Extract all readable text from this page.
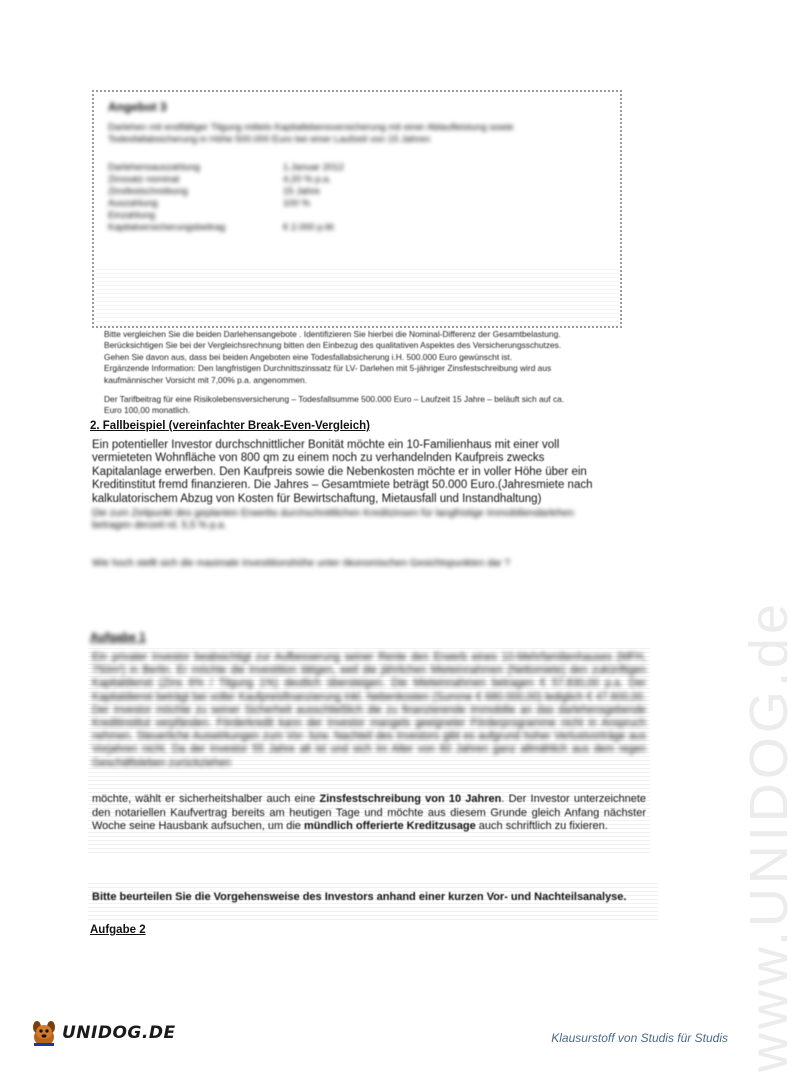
www.UNIDOG.de
Angebot 3
Darlehen mit endfälliger Tilgung mittels Kapitallebensversicherung mit einer Ablaufleistung sowie Todesfallabsicherung in Höhe 500.000 Euro bei einer Laufzeit von 15 Jahren
Darlehensauszahlung	1.Januar 2012
Zinssatz nominal	4,20 % p.a.
Zinsfestschreibung	15 Jahre
Auszahlung	100 %
Einzahlung
Kapitalversicherungsbeitrag	€ 2.000 p.M.

Bitte vergleichen Sie die beiden Darlehensangebote . Identifizieren Sie hierbei die Nominal-Differenz der Gesamtbelastung.

Berücksichtigen Sie bei der Vergleichsrechnung bitten den Einbezug des qualitativen Aspektes des Versicherungsschutzes.

Gehen Sie davon aus, dass bei beiden Angeboten eine Todesfallabsicherung i.H. 500.000 Euro gewünscht ist.

Ergänzende Information: Den langfristigen Durchnittszinssatz für LV- Darlehen mit 5-jähriger Zinsfestschreibung wird aus

kaufmännischer Vorsicht mit 7,00% p.a. angenommen.

Der Tarifbeitrag für eine Risikolebensversicherung – Todesfallsumme 500.000 Euro – Laufzeit 15 Jahre – beläuft sich auf ca.

Euro 100,00 monatlich.

2. Fallbeispiel (vereinfachter Break-Even-Vergleich)

Ein potentieller Investor durchschnittlicher Bonität möchte ein 10-Familienhaus mit einer voll vermieteten Wohnfläche von 800 qm zu einem noch zu verhandelnden Kaufpreis zwecks Kapitalanlage erwerben. Den Kaufpreis sowie die Nebenkosten möchte er in voller Höhe über ein Kreditinstitut fremd finanzieren. Die Jahres – Gesamtmiete beträgt 50.000 Euro.(Jahresmiete nach kalkulatorischem Abzug von Kosten für Bewirtschaftung, Mietausfall und Instandhaltung)

Die zum Zeitpunkt des geplanten Erwerbs durchschnittlichen Kreditzinsen für langfristige Immobiliendarlehen betragen derzeit rd. 5,5 % p.a.

Wie hoch stellt sich die maximale Investitionshöhe unter ökonomischen Gesichtspunkten dar ?

Aufgabe 1
Ein privater Investor beabsichtigt zur Aufbesserung seiner Rente den Erwerb eines 10-Mehrfamilienhauses (MFH, 750m²) in Berlin. Er möchte die Investition tätigen, weil die jährlichen Mieteinnahmen (Nettomiete) den zukünftigen Kapitaldienst (Zins 6% / Tilgung 1%) deutlich übersteigen. Die Mieteinnahmen betragen € 57.830,00 p.a. Der Kapitaldienst beträgt bei voller Kaufpreisfinanzierung inkl. Nebenkosten (Summe € 680.000,00) lediglich € 47.600,00. Der Investor möchte zu seiner Sicherheit ausschließlich die zu finanzierende Immobilie an das darlehensgebende Kreditinstitut verpfänden. Förderkredit kann der Investor mangels geeigneter Förderprogramme nicht in Anspruch nehmen. Steuerliche Auswirkungen zum Vor- bzw. Nachteil des Investors gibt es aufgrund hoher Verlustvorträge aus Vorjahren nicht. Da der Investor 55 Jahre alt ist und sich im Alter von 60 Jahren ganz allmählich aus dem regen Geschäftsleben zurückziehen
möchte, wählt er sicherheitshalber auch eine Zinsfestschreibung von 10 Jahren. Der Investor unterzeichnete den notariellen Kaufvertrag bereits am heutigen Tage und möchte aus diesem Grunde gleich Anfang nächster Woche seine Hausbank aufsuchen, um die mündlich offerierte Kreditzusage auch schriftlich zu fixieren.
Bitte beurteilen Sie die Vorgehensweise des Investors anhand einer kurzen Vor- und Nachteilsanalyse.
Aufgabe 2
UNIDOG.DE	Klausurstoff von Studis für Studis
